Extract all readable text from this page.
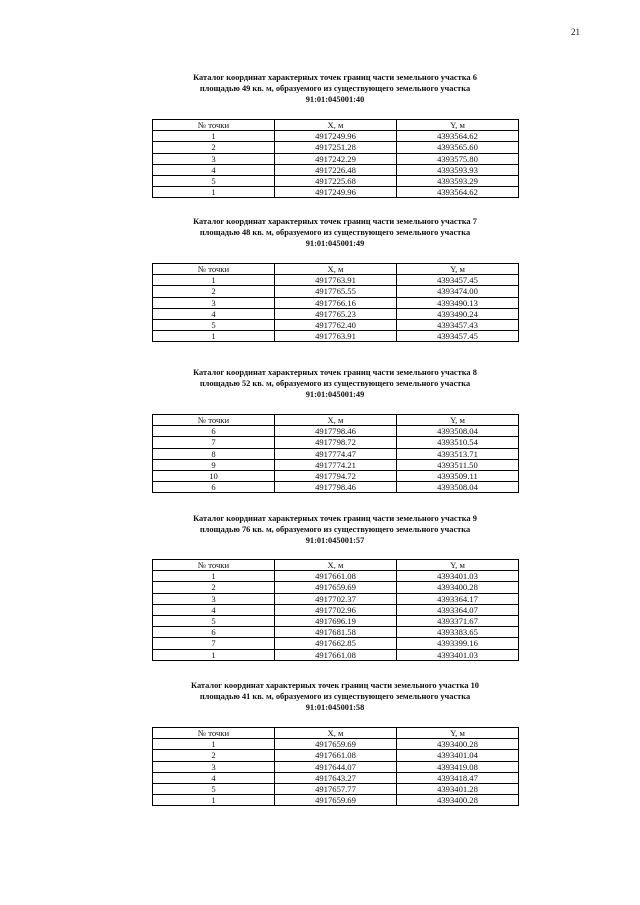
21

Каталог координат характерных точек границ части земельного участка 6
площадью 49 кв. м, образуемого из существующего земельного участка
91:01:045001:40

№ точки	X, м	Y, м
1	4917249.96	4393564.62
2	4917251.28	4393565.60
3	4917242.29	4393575.80
4	4917226.48	4393593.93
5	4917225.68	4393593.29
1	4917249.96	4393564.62

Каталог координат характерных точек границ части земельного участка 7
площадью 48 кв. м, образуемого из существующего земельного участка
91:01:045001:49

№ точки	X, м	Y, м
1	4917763.91	4393457.45
2	4917765.55	4393474.00
3	4917766.16	4393490.13
4	4917765.23	4393490.24
5	4917762.40	4393457.43
1	4917763.91	4393457.45

Каталог координат характерных точек границ части земельного участка 8
площадью 52 кв. м, образуемого из существующего земельного участка
91:01:045001:49

№ точки	X, м	Y, м
6	4917798.46	4393508.04
7	4917798.72	4393510.54
8	4917774.47	4393513.71
9	4917774.21	4393511.50
10	4917794.72	4393509.11
6	4917798.46	4393508.04

Каталог координат характерных точек границ части земельного участка 9
площадью 76 кв. м, образуемого из существующего земельного участка
91:01:045001:57

№ точки	X, м	Y, м
1	4917661.08	4393401.03
2	4917659.69	4393400.28
3	4917702.37	4393364.17
4	4917702.96	4393364.07
5	4917696.19	4393371.67
6	4917681.58	4393383.65
7	4917662.85	4393399.16
1	4917661.08	4393401.03

Каталог координат характерных точек границ части земельного участка 10
площадью 41 кв. м, образуемого из существующего земельного участка
91:01:045001:58

№ точки	X, м	Y, м
1	4917659.69	4393400.28
2	4917661.08	4393401.04
3	4917644.07	4393419.08
4	4917643.27	4393418.47
5	4917657.77	4393401.28
1	4917659.69	4393400.28
